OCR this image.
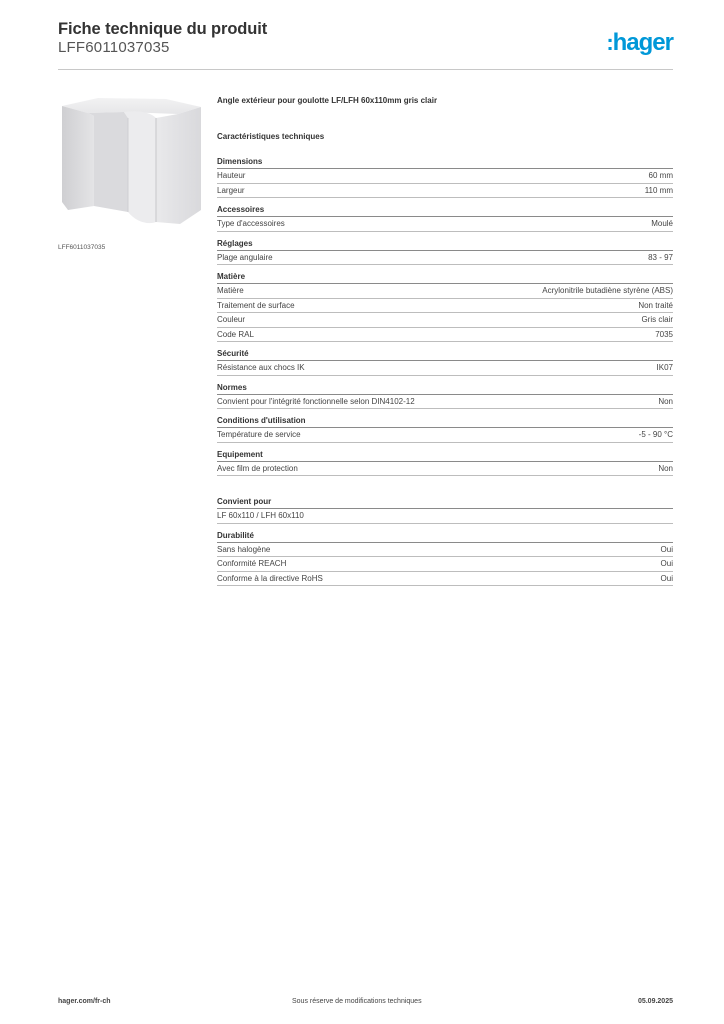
Fiche technique du produit
LFF6011037035	:hager
LFF6011037035
Angle extérieur pour goulotte LF/LFH 60x110mm gris clair
Caractéristiques techniques
Dimensions
Hauteur	60 mm
Largeur	110 mm
Accessoires
Type d'accessoires	Moulé
Réglages
Plage angulaire	83 - 97
Matière
Matière	Acrylonitrile butadiène styrène (ABS)
Traitement de surface	Non traité
Couleur	Gris clair
Code RAL	7035
Sécurité
Résistance aux chocs IK	IK07
Normes
Convient pour l'intégrité fonctionnelle selon DIN4102-12	Non
Conditions d'utilisation
Température de service	-5 - 90 °C
Equipement
Avec film de protection	Non
Convient pour
LF 60x110 / LFH 60x110
Durabilité
Sans halogène	Oui
Conformité REACH	Oui
Conforme à la directive RoHS	Oui
hager.com/fr-ch	Sous réserve de modifications techniques	05.09.2025
